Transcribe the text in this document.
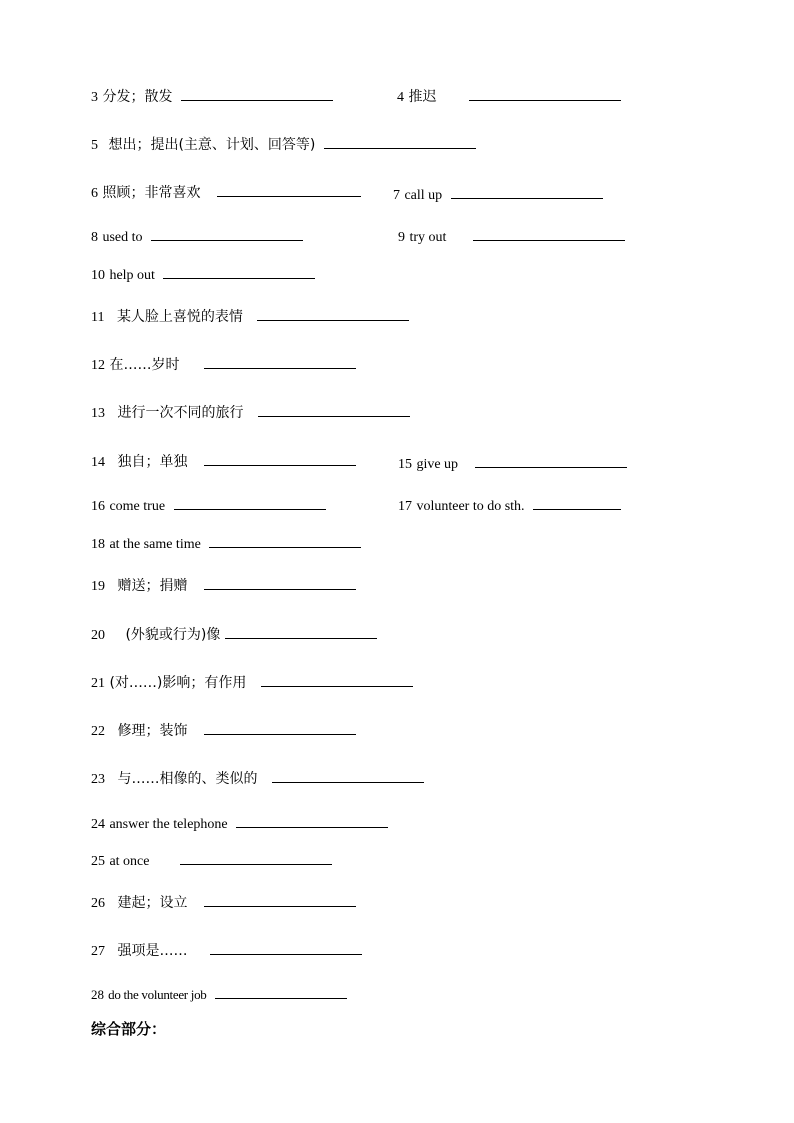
3 分发；散发	4 推迟
5 想出；提出(主意、计划、回答等)
6 照顾；非常喜欢	7 call up
8 used to	9 try out
10 help out
11 某人脸上喜悦的表情
12 在……岁时
13 进行一次不同的旅行
14 独自；单独	15 give up
16 come true	17 volunteer to do sth.
18 at the same time
19 赠送；捐赠
20 (外貌或行为)像
21 (对……)影响；有作用
22 修理；装饰
23 与……相像的、类似的
24 answer the telephone
25 at once
26 建起；设立
27 强项是……
28 do the volunteer job
综合部分：
